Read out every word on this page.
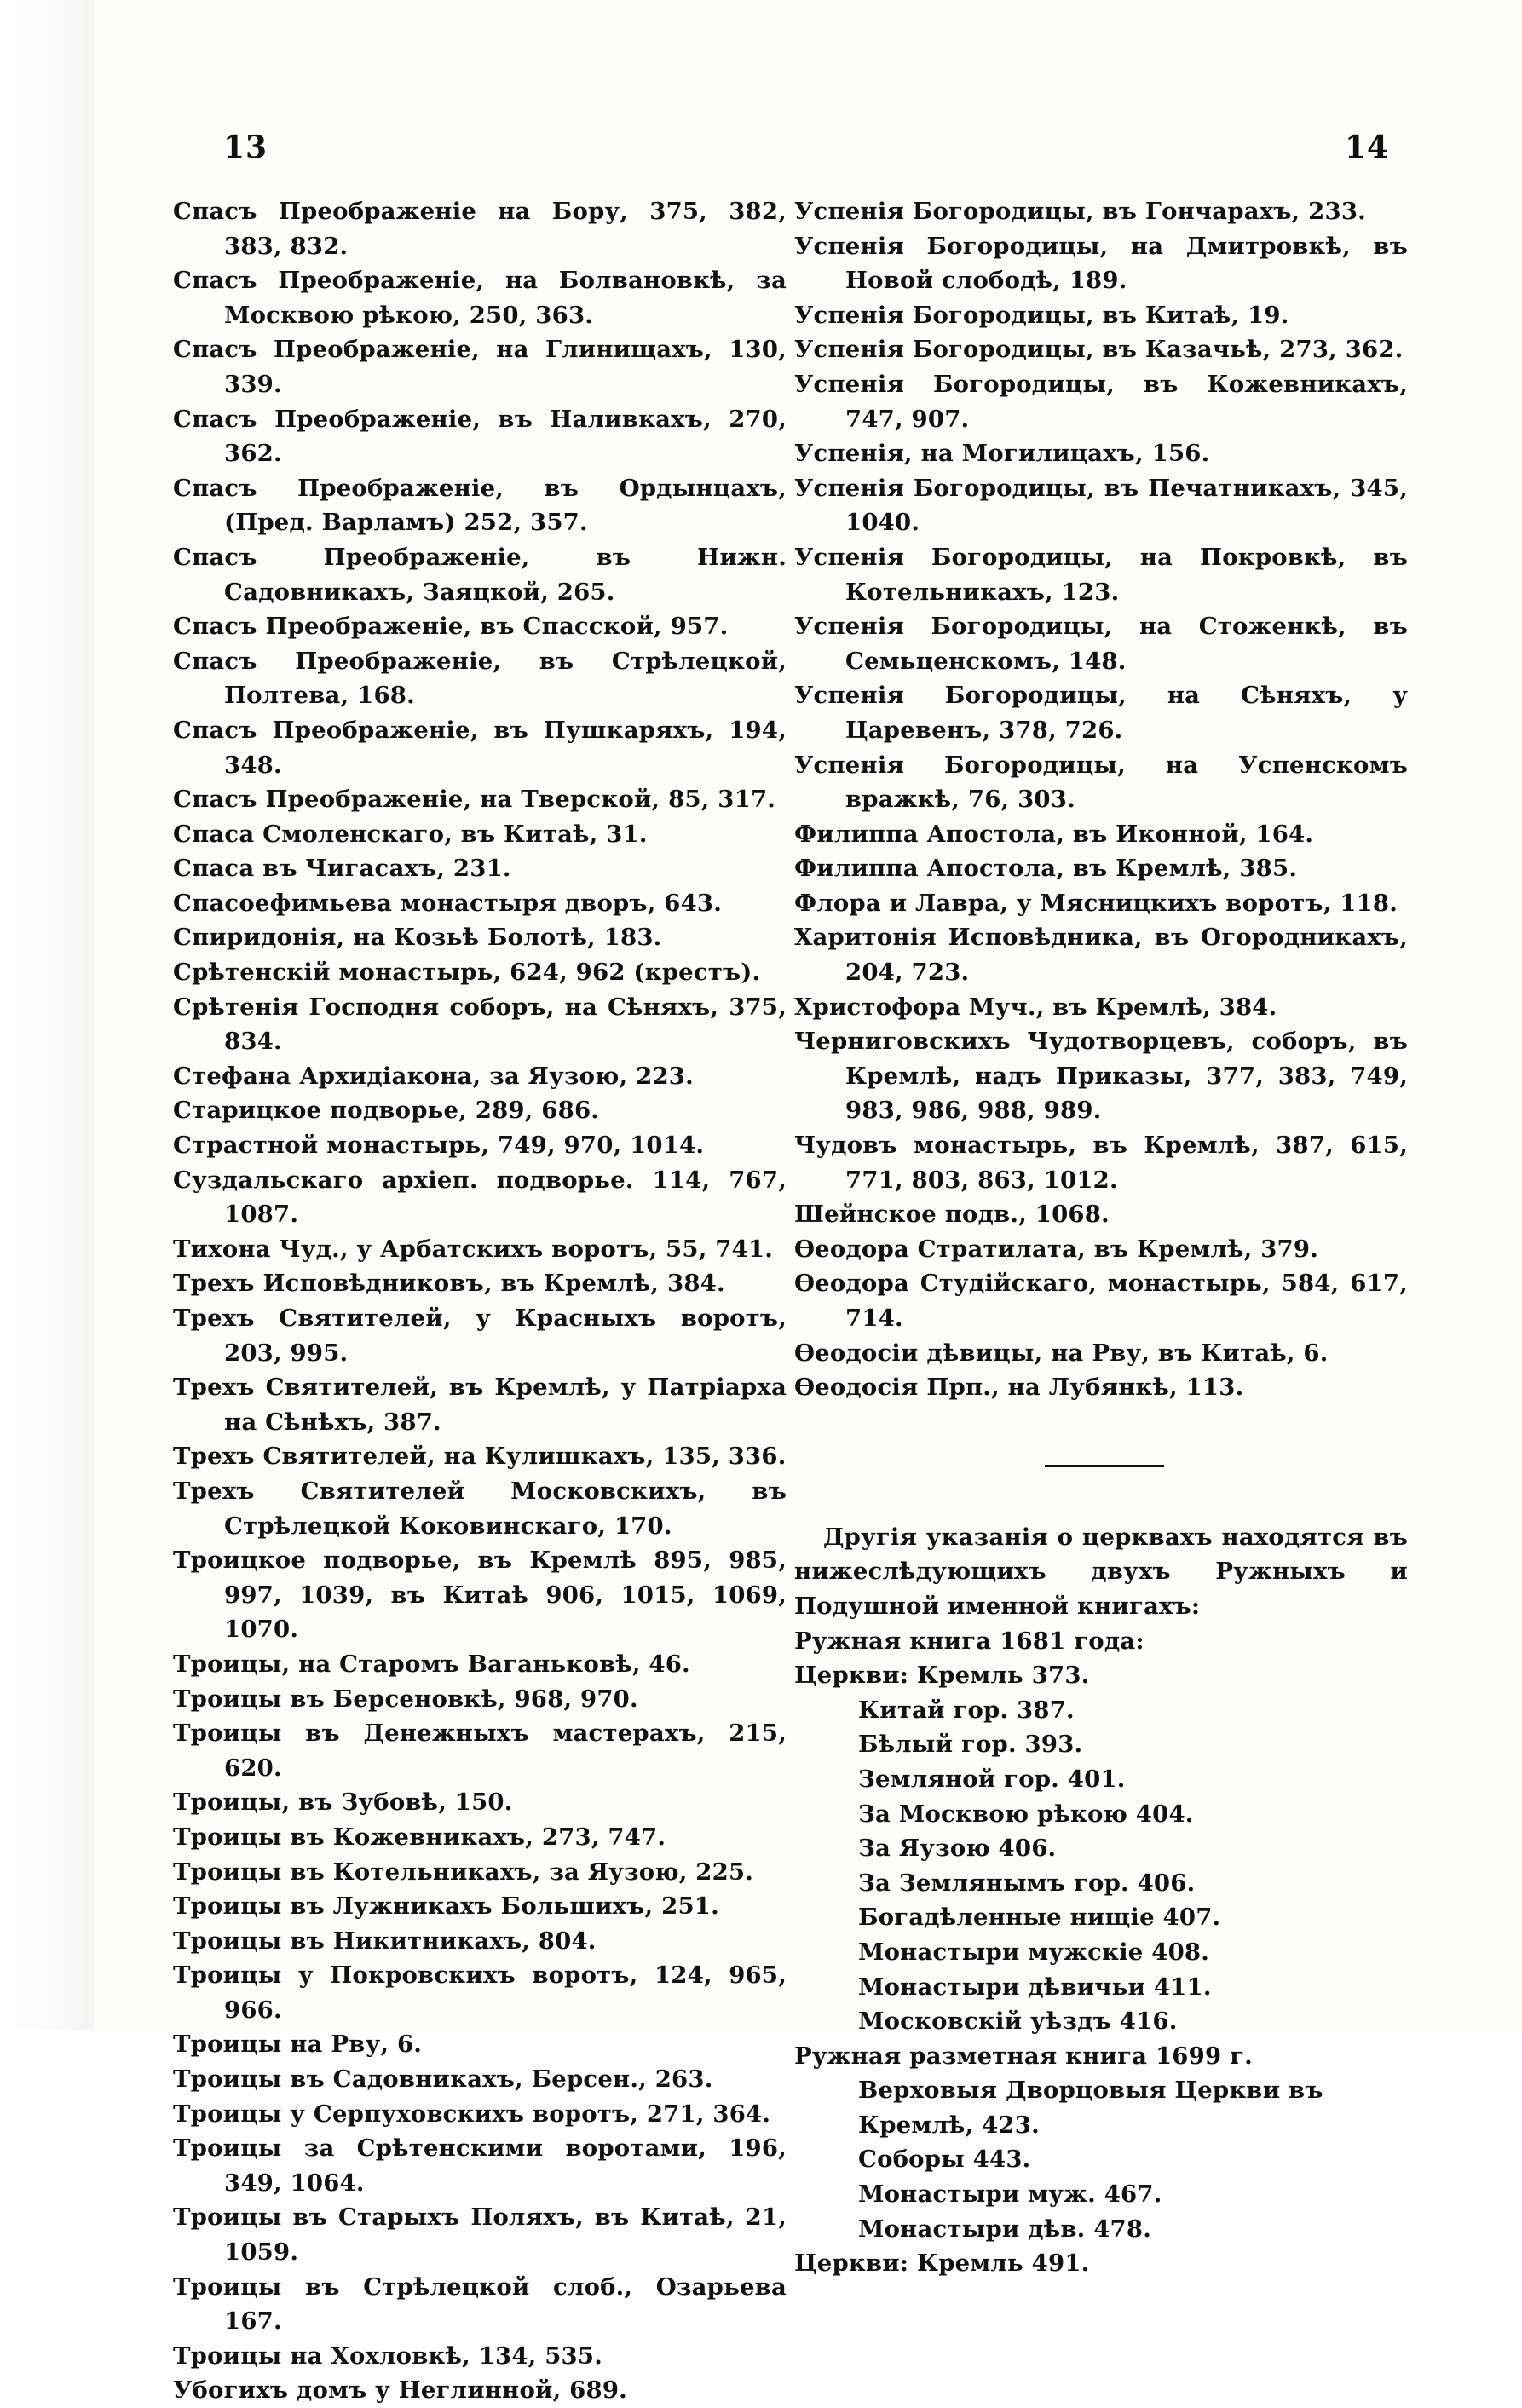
13	14
Спасъ Преображеніе на Бору, 375, 382, 383, 832.
Спасъ Преображеніе, на Болвановкѣ, за Москвою рѣкою, 250, 363.
Спасъ Преображеніе, на Глинищахъ, 130, 339.
Спасъ Преображеніе, въ Наливкахъ, 270, 362.
Спасъ Преображеніе, въ Ордынцахъ, (Пред. Варламъ) 252, 357.
Спасъ Преображеніе, въ Нижн. Садовникахъ, Заяцкой, 265.
Спасъ Преображеніе, въ Спасской, 957.
Спасъ Преображеніе, въ Стрѣлецкой, Полтева, 168.
Спасъ Преображеніе, въ Пушкаряхъ, 194, 348.
Спасъ Преображеніе, на Тверской, 85, 317.
Спаса Смоленскаго, въ Китаѣ, 31.
Спаса въ Чигасахъ, 231.
Спасоефимьева монастыря дворъ, 643.
Спиридонія, на Козьѣ Болотѣ, 183.
Срѣтенскій монастырь, 624, 962 (крестъ).
Срѣтенія Господня соборъ, на Сѣняхъ, 375, 834.
Стефана Архидіакона, за Яузою, 223.
Старицкое подворье, 289, 686.
Страстной монастырь, 749, 970, 1014.
Суздальскаго архіеп. подворье. 114, 767, 1087.
Тихона Чуд., у Арбатскихъ воротъ, 55, 741.
Трехъ Исповѣдниковъ, въ Кремлѣ, 384.
Трехъ Святителей, у Красныхъ воротъ, 203, 995.
Трехъ Святителей, въ Кремлѣ, у Патріарха на Сѣнѣхъ, 387.
Трехъ Святителей, на Кулишкахъ, 135, 336.
Трехъ Святителей Московскихъ, въ Стрѣлецкой Коковинскаго, 170.
Троицкое подворье, въ Кремлѣ 895, 985, 997, 1039, въ Китаѣ 906, 1015, 1069, 1070.
Троицы, на Старомъ Ваганьковѣ, 46.
Троицы въ Берсеновкѣ, 968, 970.
Троицы въ Денежныхъ мастерахъ, 215, 620.
Троицы, въ Зубовѣ, 150.
Троицы въ Кожевникахъ, 273, 747.
Троицы въ Котельникахъ, за Яузою, 225.
Троицы въ Лужникахъ Большихъ, 251.
Троицы въ Никитникахъ, 804.
Троицы у Покровскихъ воротъ, 124, 965, 966.
Троицы на Рву, 6.
Троицы въ Садовникахъ, Берсен., 263.
Троицы у Серпуховскихъ воротъ, 271, 364.
Троицы за Срѣтенскими воротами, 196, 349, 1064.
Троицы въ Старыхъ Поляхъ, въ Китаѣ, 21, 1059.
Троицы въ Стрѣлецкой слоб., Озарьева 167.
Троицы на Хохловкѣ, 134, 535.
Убогихъ домъ у Неглинной, 689.
Успенія Богородицы, въ Гончарахъ, 233.
Успенія Богородицы, на Дмитровкѣ, въ Новой слободѣ, 189.
Успенія Богородицы, въ Китаѣ, 19.
Успенія Богородицы, въ Казачьѣ, 273, 362.
Успенія Богородицы, въ Кожевникахъ, 747, 907.
Успенія, на Могилицахъ, 156.
Успенія Богородицы, въ Печатникахъ, 345, 1040.
Успенія Богородицы, на Покровкѣ, въ Котельникахъ, 123.
Успенія Богородицы, на Стоженкѣ, въ Семьценскомъ, 148.
Успенія Богородицы, на Сѣняхъ, у Царевенъ, 378, 726.
Успенія Богородицы, на Успенскомъ вражкѣ, 76, 303.
Филиппа Апостола, въ Иконной, 164.
Филиппа Апостола, въ Кремлѣ, 385.
Флора и Лавра, у Мясницкихъ воротъ, 118.
Харитонія Исповѣдника, въ Огородникахъ, 204, 723.
Христофора Муч., въ Кремлѣ, 384.
Черниговскихъ Чудотворцевъ, соборъ, въ Кремлѣ, надъ Приказы, 377, 383, 749, 983, 986, 988, 989.
Чудовъ монастырь, въ Кремлѣ, 387, 615, 771, 803, 863, 1012.
Шейнское подв., 1068.
Ѳеодора Стратилата, въ Кремлѣ, 379.
Ѳеодора Студійскаго, монастырь, 584, 617, 714.
Ѳеодосіи дѣвицы, на Рву, въ Китаѣ, 6.
Ѳеодосія Прп., на Лубянкѣ, 113.
Другія указанія о церквахъ находятся въ нижеслѣдующихъ двухъ Ружныхъ и Подушной именной книгахъ:
Ружная книга 1681 года:
Церкви: Кремль 373.
Китай гор. 387.
Бѣлый гор. 393.
Земляной гор. 401.
За Москвою рѣкою 404.
За Яузою 406.
За Землянымъ гор. 406.
Богадѣленные нищіе 407.
Монастыри мужскіе 408.
Монастыри дѣвичьи 411.
Московскій уѣздъ 416.
Ружная разметная книга 1699 г.
Верховыя Дворцовыя Церкви въ Кремлѣ, 423.
Соборы 443.
Монастыри муж. 467.
Монастыри дѣв. 478.
Церкви: Кремль 491.
